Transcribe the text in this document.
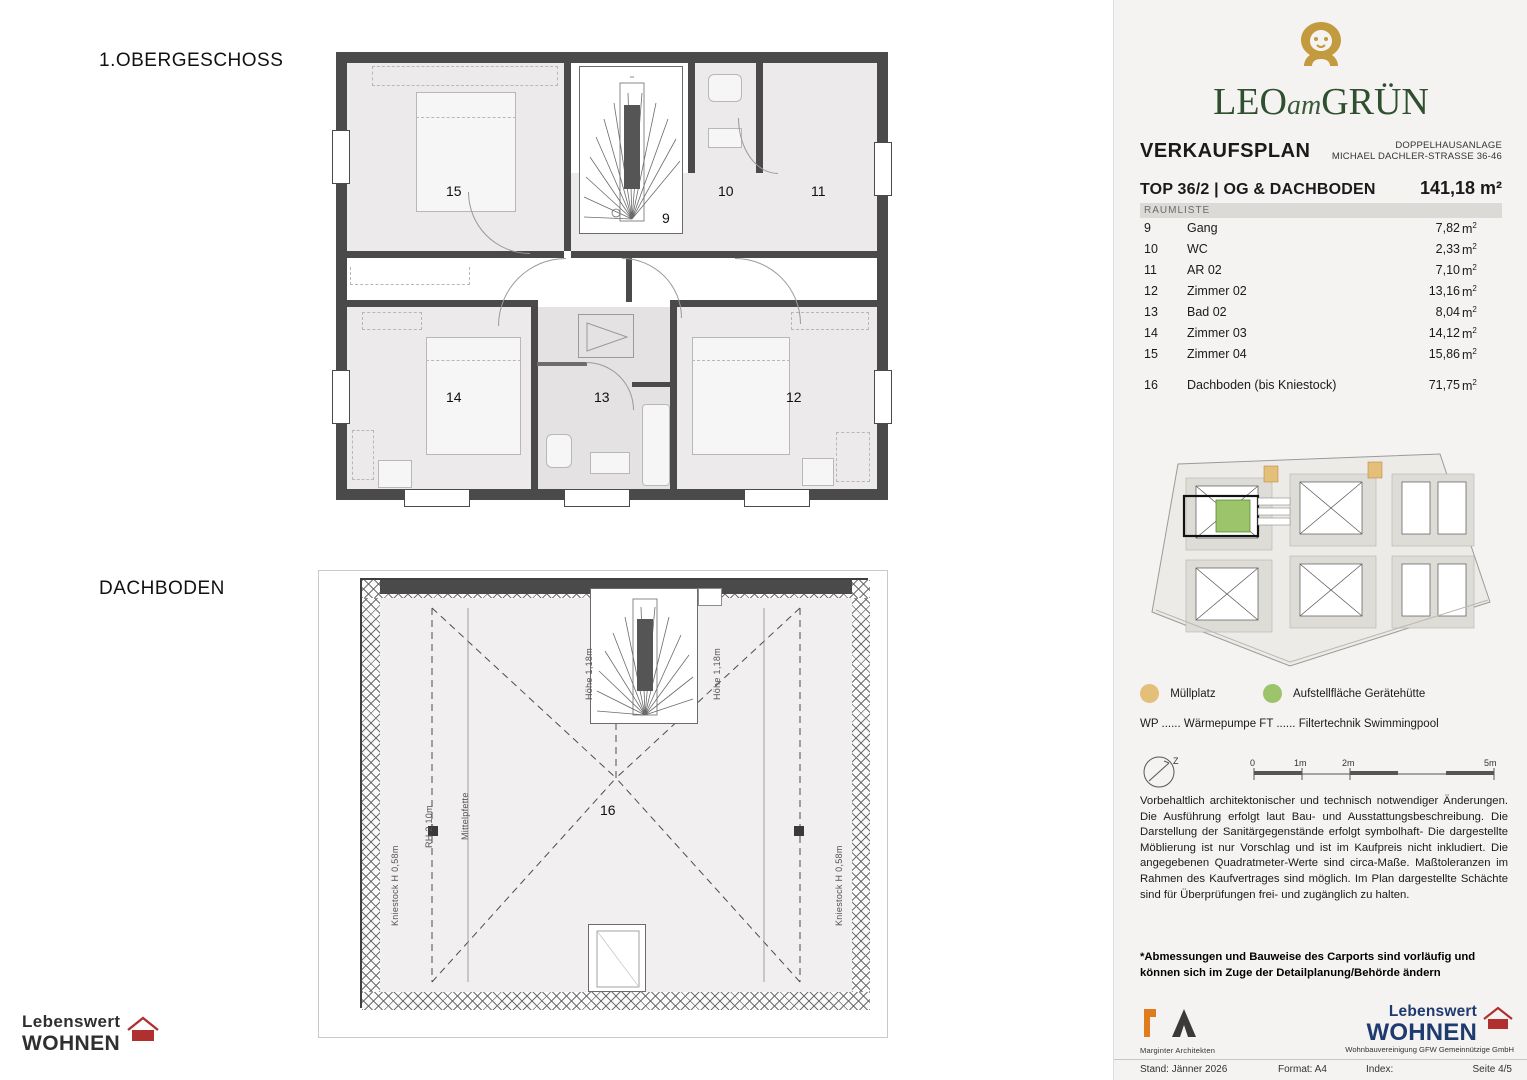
1.OBERGESCHOSS
DACHBODEN
15	10	11
9
14	13	12
16
RH 2,10m	Mittelpfette
Höhe 1,18m	Höhe 1,18m
Kniestock H 0,58m	Kniestock H 0,58m
Lebenswert
WOHNEN
LEOamGRÜN
VERKAUFSPLAN	DOPPELHAUSANLAGE
MICHAEL DACHLER-STRASSE 36-46
TOP 36/2 | OG & DACHBODEN 141,18 m²
RAUMLISTE
9	Gang	7,82 $m^2$
10 WC	2,33 $m^2$
11 AR 02	7,10 $m^2$
12 Zimmer 02	13,16 $m^2$
13 Bad 02	8,04 $m^2$
14 Zimmer 03	14,12 $m^2$
15 Zimmer 04	15,86 $m^2$
16 Dachboden (bis Kniestock)	71,75 $m^2$
Müllplatz	Aufstellfläche Gerätehütte
WP ...... Wärmepumpe FT ...... Filtertechnik Swimmingpool
Z	0	1m	2m	5m
Vorbehaltlich architektonischer und technisch notwendiger Änderungen. Die Ausführung erfolgt laut Bau- und Ausstattungsbeschreibung. Die Darstellung der Sanitärgegenstände erfolgt symbolhaft- Die dargestellte Möblierung ist nur Vorschlag und ist im Kaufpreis nicht inkludiert. Die angegebenen Quadratmeter-Werte sind circa-Maße. Maßtoleranzen im Rahmen des Kaufvertrages sind möglich. Im Plan dargestellte Schächte sind für Überprüfungen frei- und zugänglich zu halten.
*Abmessungen und Bauweise des Carports sind vorläufig und können sich im Zuge der Detailplanung/Behörde ändern
Marginter Architekten
Lebenswert
WOHNEN
Wohnbauvereinigung GFW Gemeinnützige GmbH
Stand: Jänner 2026	Format: A4	Index:	Seite 4/5
